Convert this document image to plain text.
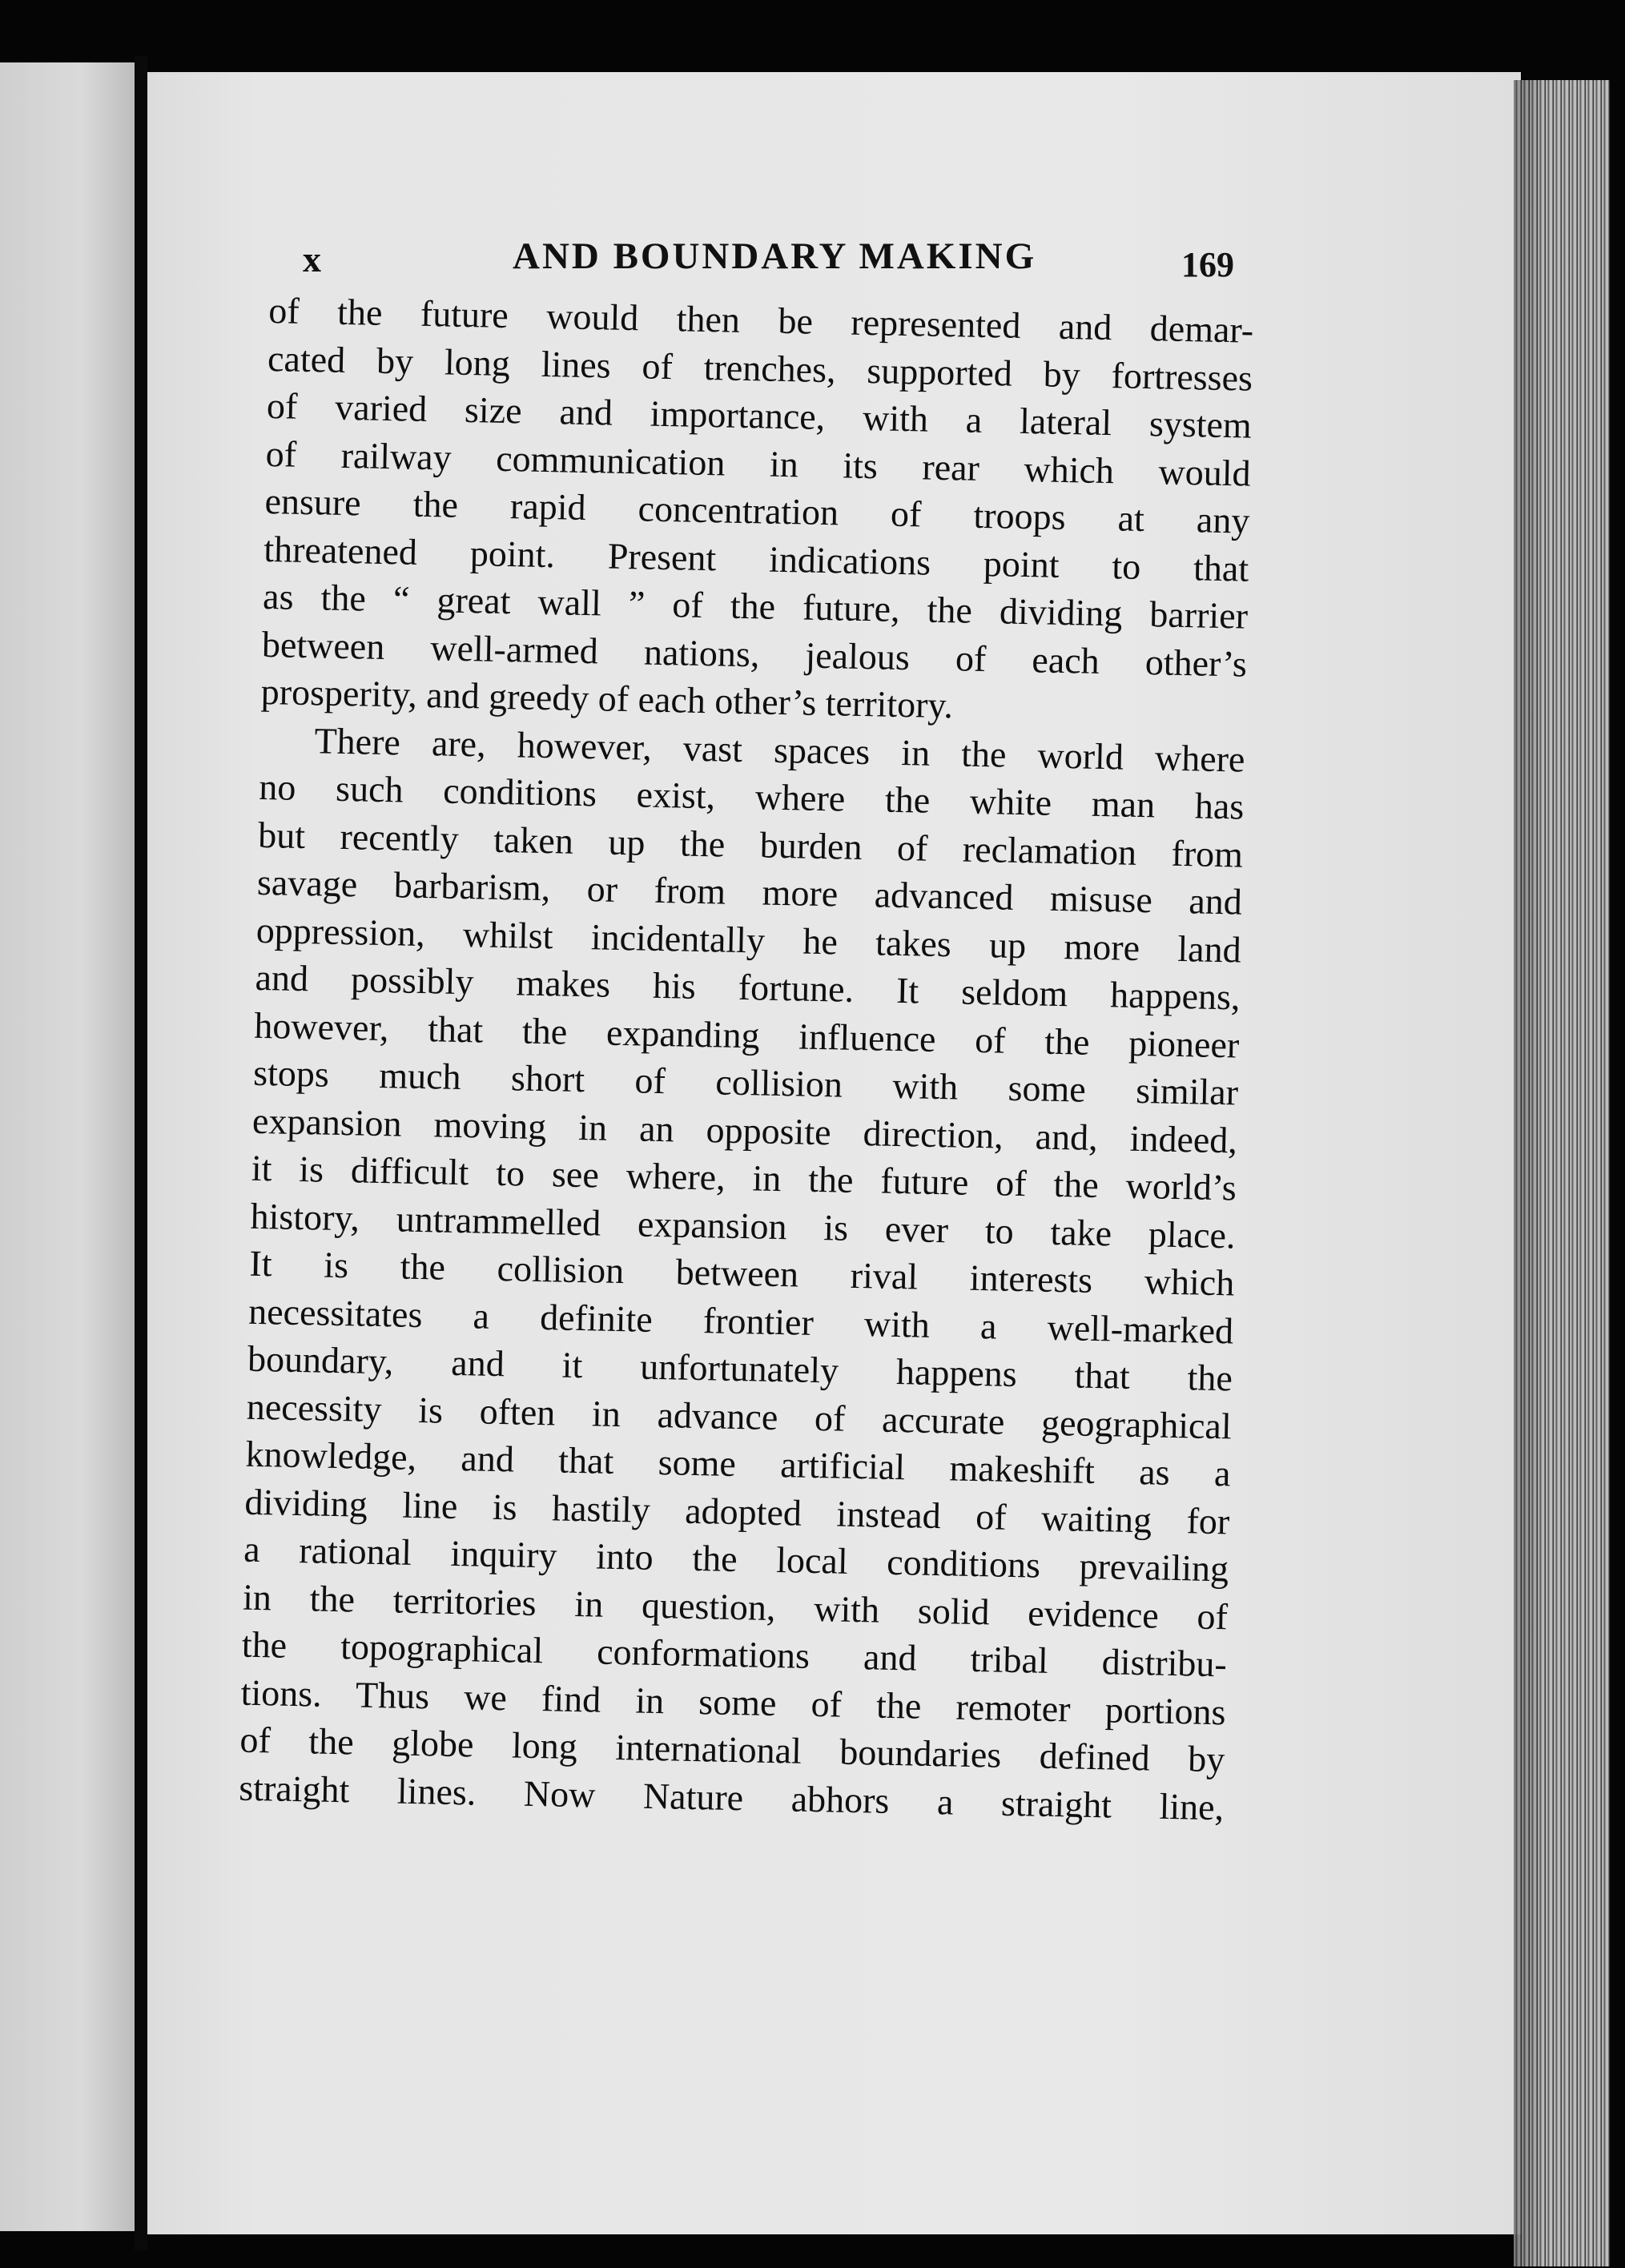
x	AND BOUNDARY MAKING	169
of the future would then be represented and demar-
cated by long lines of trenches, supported by fortresses
of varied size and importance, with a lateral system
of railway communication in its rear which would
ensure the rapid concentration of troops at any
threatened point. Present indications point to that
as the “ great wall ” of the future, the dividing barrier
between well-armed nations, jealous of each other’s
prosperity, and greedy of each other’s territory.
There are, however, vast spaces in the world where
no such conditions exist, where the white man has
but recently taken up the burden of reclamation from
savage barbarism, or from more advanced misuse and
oppression, whilst incidentally he takes up more land
and possibly makes his fortune. It seldom happens,
however, that the expanding influence of the pioneer
stops much short of collision with some similar
expansion moving in an opposite direction, and, indeed,
it is difficult to see where, in the future of the world’s
history, untrammelled expansion is ever to take place.
It is the collision between rival interests which
necessitates a definite frontier with a well-marked
boundary, and it unfortunately happens that the
necessity is often in advance of accurate geographical
knowledge, and that some artificial makeshift as a
dividing line is hastily adopted instead of waiting for
a rational inquiry into the local conditions prevailing
in the territories in question, with solid evidence of
the topographical conformations and tribal distribu-
tions. Thus we find in some of the remoter portions
of the globe long international boundaries defined by
straight lines. Now Nature abhors a straight line,
